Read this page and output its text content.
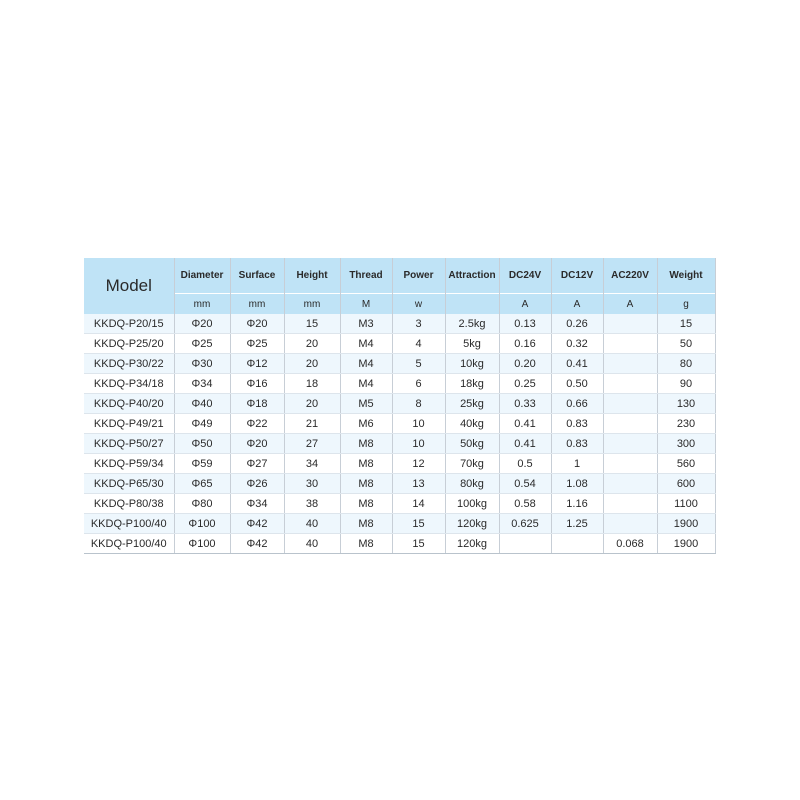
Model	Diameter	Surface	Height	Thread	Power	Attraction	DC24V	DC12V	AC220V	Weight
	mm	mm	mm	M	w		A	A	A	g
KKDQ-P20/15	Φ20	Φ20	15	M3	3	2.5kg	0.13	0.26		15
KKDQ-P25/20	Φ25	Φ25	20	M4	4	5kg	0.16	0.32		50
KKDQ-P30/22	Φ30	Φ12	20	M4	5	10kg	0.20	0.41		80
KKDQ-P34/18	Φ34	Φ16	18	M4	6	18kg	0.25	0.50		90
KKDQ-P40/20	Φ40	Φ18	20	M5	8	25kg	0.33	0.66		130
KKDQ-P49/21	Φ49	Φ22	21	M6	10	40kg	0.41	0.83		230
KKDQ-P50/27	Φ50	Φ20	27	M8	10	50kg	0.41	0.83		300
KKDQ-P59/34	Φ59	Φ27	34	M8	12	70kg	0.5	1		560
KKDQ-P65/30	Φ65	Φ26	30	M8	13	80kg	0.54	1.08		600
KKDQ-P80/38	Φ80	Φ34	38	M8	14	100kg	0.58	1.16		1100
KKDQ-P100/40	Φ100	Φ42	40	M8	15	120kg	0.625	1.25		1900
KKDQ-P100/40	Φ100	Φ42	40	M8	15	120kg			0.068	1900
